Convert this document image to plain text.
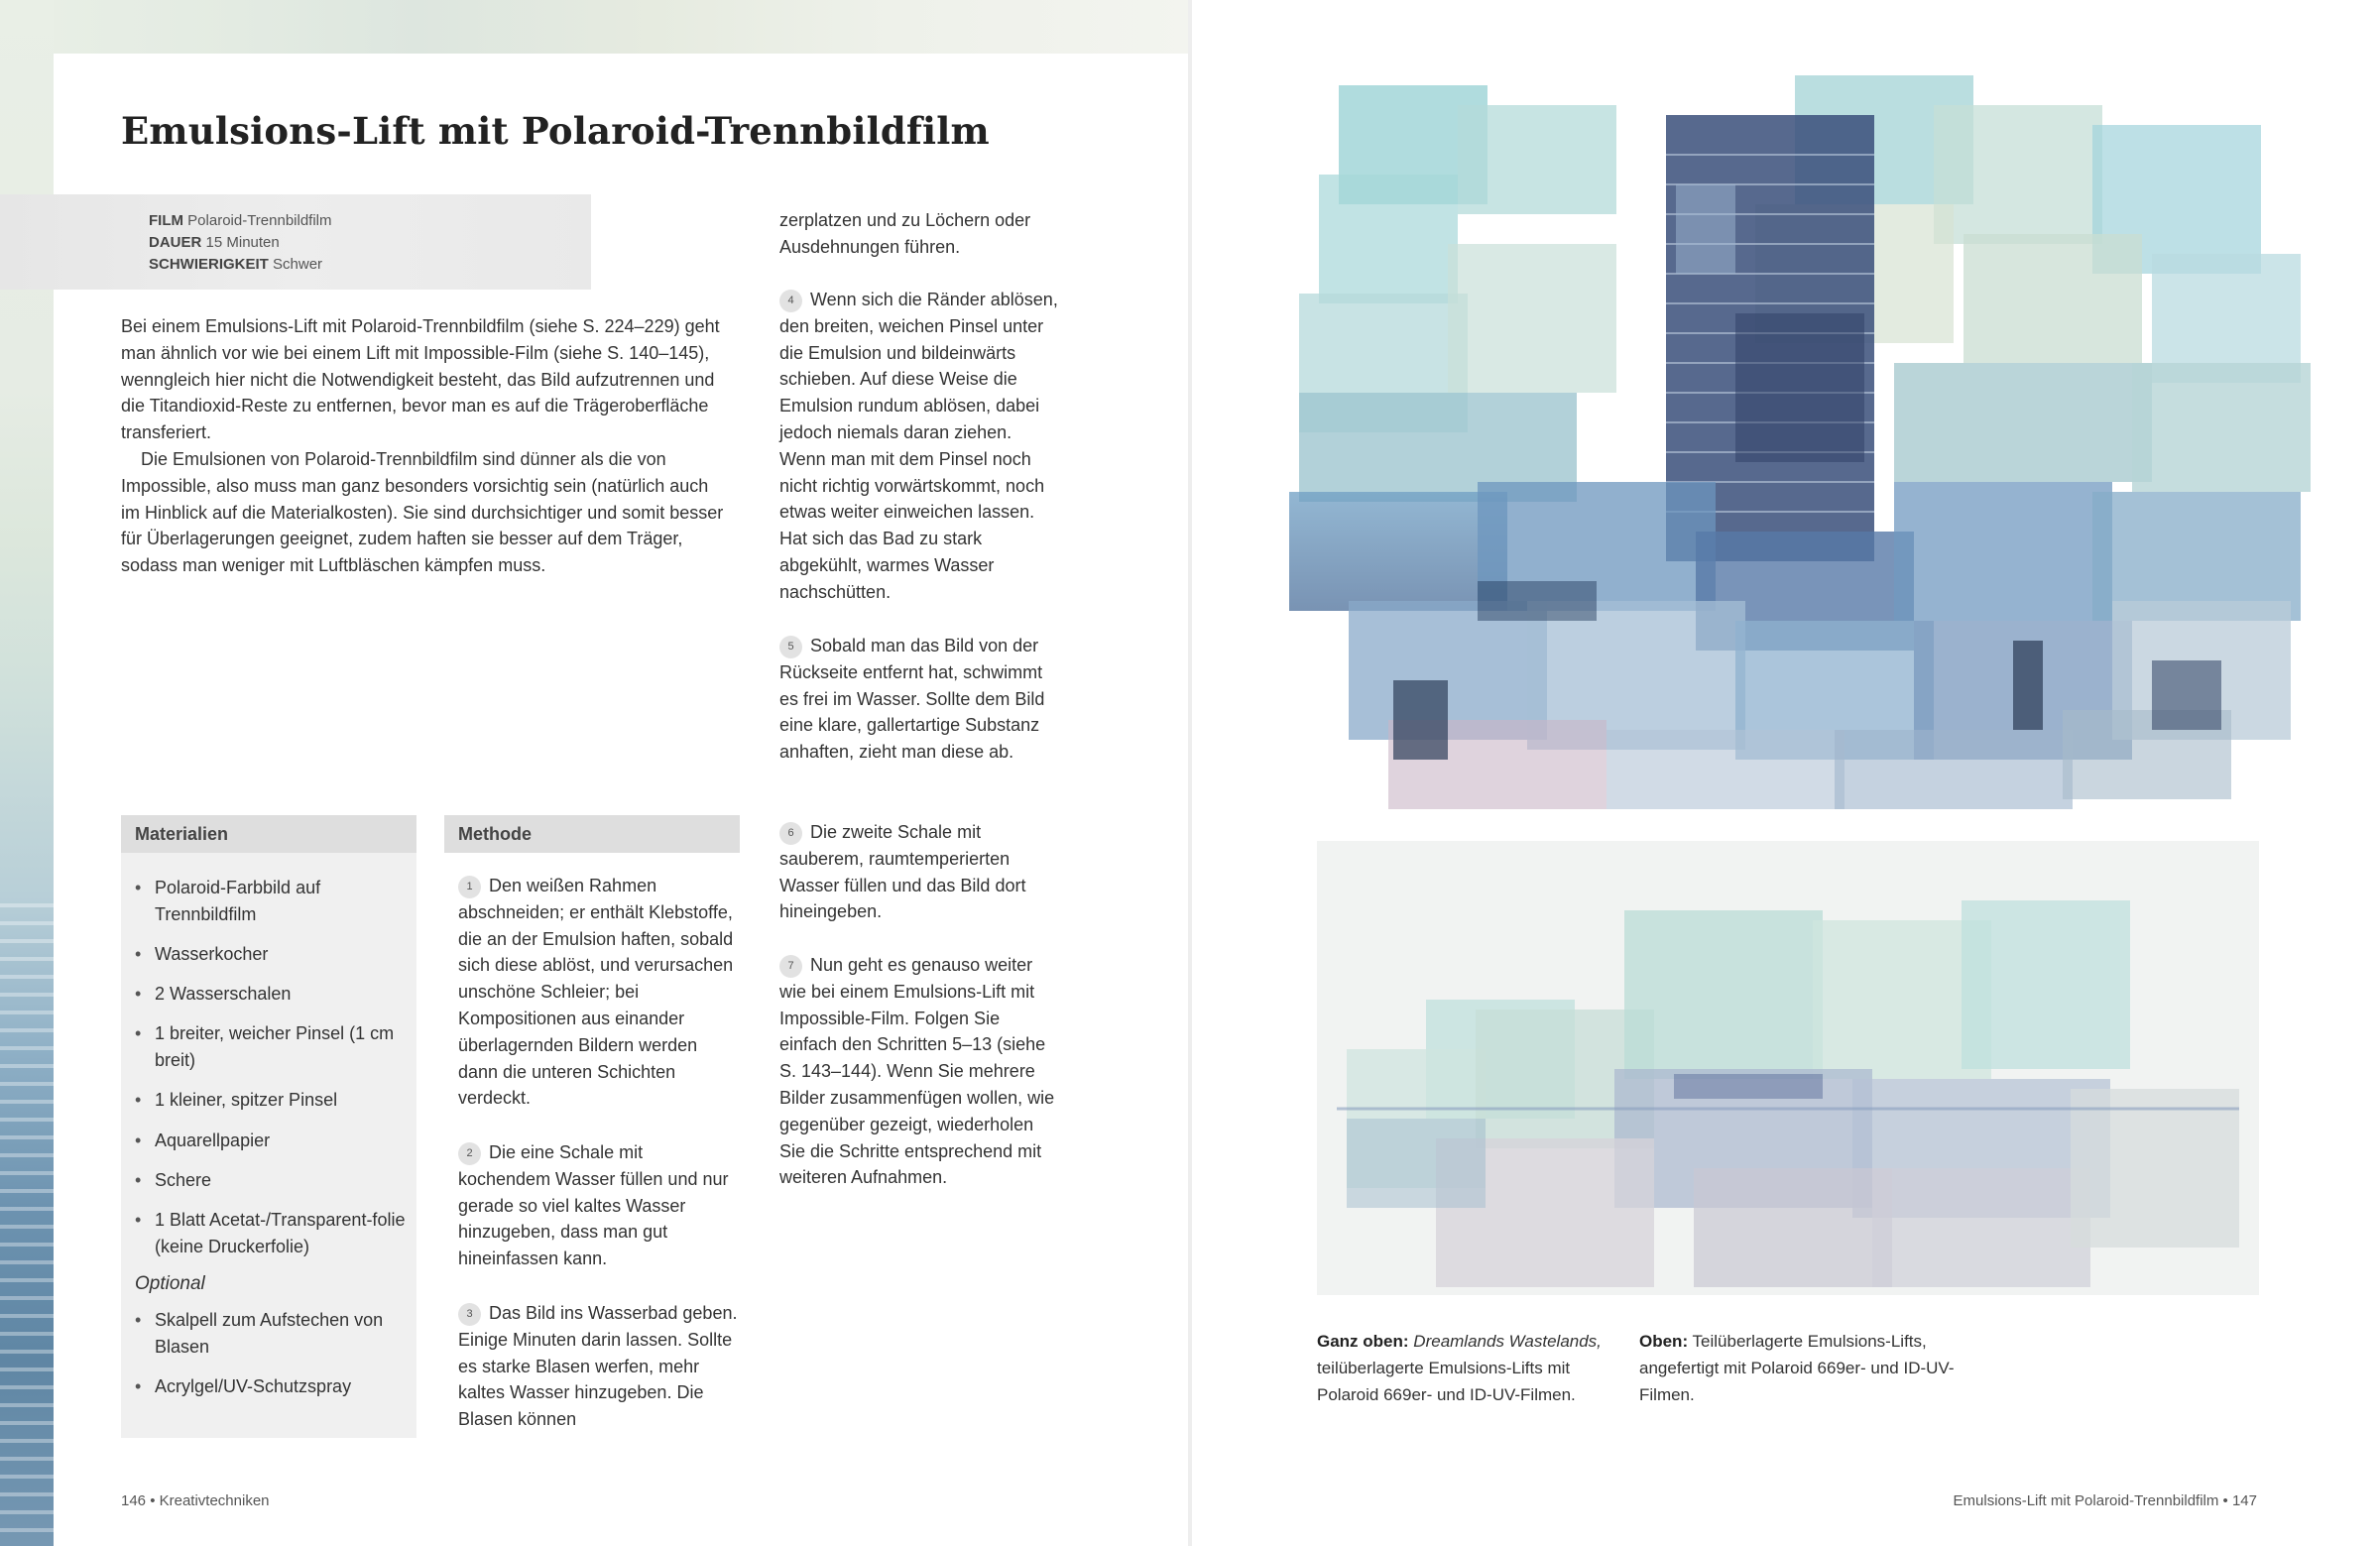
Emulsions-Lift mit Polaroid-Trennbildfilm
FILM Polaroid-Trennbildfilm
DAUER 15 Minuten
SCHWIERIGKEIT Schwer

Bei einem Emulsions-Lift mit Polaroid-Trennbildfilm (siehe S. 224–229) geht man ähnlich vor wie bei einem Lift mit Impossible-Film (siehe S. 140–145), wenngleich hier nicht die Notwendigkeit besteht, das Bild aufzutrennen und die Titandioxid-Reste zu entfernen, bevor man es auf die Trägeroberfläche transferiert.

Die Emulsionen von Polaroid-Trennbildfilm sind dünner als die von Impossible, also muss man ganz besonders vorsichtig sein (natürlich auch im Hinblick auf die Materialkosten). Sie sind durchsichtiger und somit besser für Überlagerungen geeignet, zudem haften sie besser auf dem Träger, sodass man weniger mit Luftbläschen kämpfen muss.

Materialien
• Polaroid-Farbbild auf Trennbildfilm
• Wasserkocher
• 2 Wasserschalen
• 1 breiter, weicher Pinsel (1 cm breit)
• 1 kleiner, spitzer Pinsel
• Aquarellpapier
• Schere
• 1 Blatt Acetat-/Transparent-folie (keine Druckerfolie)
Optional
• Skalpell zum Aufstechen von Blasen
• Acrylgel/UV-Schutzspray
Methode
1 Den weißen Rahmen abschneiden; er enthält Klebstoffe, die an der Emulsion haften, sobald sich diese ablöst, und verursachen unschöne Schleier; bei Kompositionen aus einander überlagernden Bildern werden dann die unteren Schichten verdeckt.
2 Die eine Schale mit kochendem Wasser füllen und nur gerade so viel kaltes Wasser hinzugeben, dass man gut hineinfassen kann.
3 Das Bild ins Wasserbad geben. Einige Minuten darin lassen. Sollte es starke Blasen werfen, mehr kaltes Wasser hinzugeben. Die Blasen können
zerplatzen und zu Löchern oder Ausdehnungen führen.
4 Wenn sich die Ränder ablösen, den breiten, weichen Pinsel unter die Emulsion und bildeinwärts schieben. Auf diese Weise die Emulsion rundum ablösen, dabei jedoch niemals daran ziehen. Wenn man mit dem Pinsel noch nicht richtig vorwärtskommt, noch etwas weiter einweichen lassen. Hat sich das Bad zu stark abgekühlt, warmes Wasser nachschütten.
5 Sobald man das Bild von der Rückseite entfernt hat, schwimmt es frei im Wasser. Sollte dem Bild eine klare, gallertartige Substanz anhaften, zieht man diese ab.
6 Die zweite Schale mit sauberem, raumtemperierten Wasser füllen und das Bild dort hineingeben.
7 Nun geht es genauso weiter wie bei einem Emulsions-Lift mit Impossible-Film. Folgen Sie einfach den Schritten 5–13 (siehe S. 143–144). Wenn Sie mehrere Bilder zusammenfügen wollen, wie gegenüber gezeigt, wiederholen Sie die Schritte entsprechend mit weiteren Aufnahmen.
146 • Kreativtechniken
Ganz oben: Dreamlands Wastelands, teilüberlagerte Emulsions-Lifts mit Polaroid 669er- und ID-UV-Filmen.
Oben: Teilüberlagerte Emulsions-Lifts, angefertigt mit Polaroid 669er- und ID-UV-Filmen.
Emulsions-Lift mit Polaroid-Trennbildfilm • 147
